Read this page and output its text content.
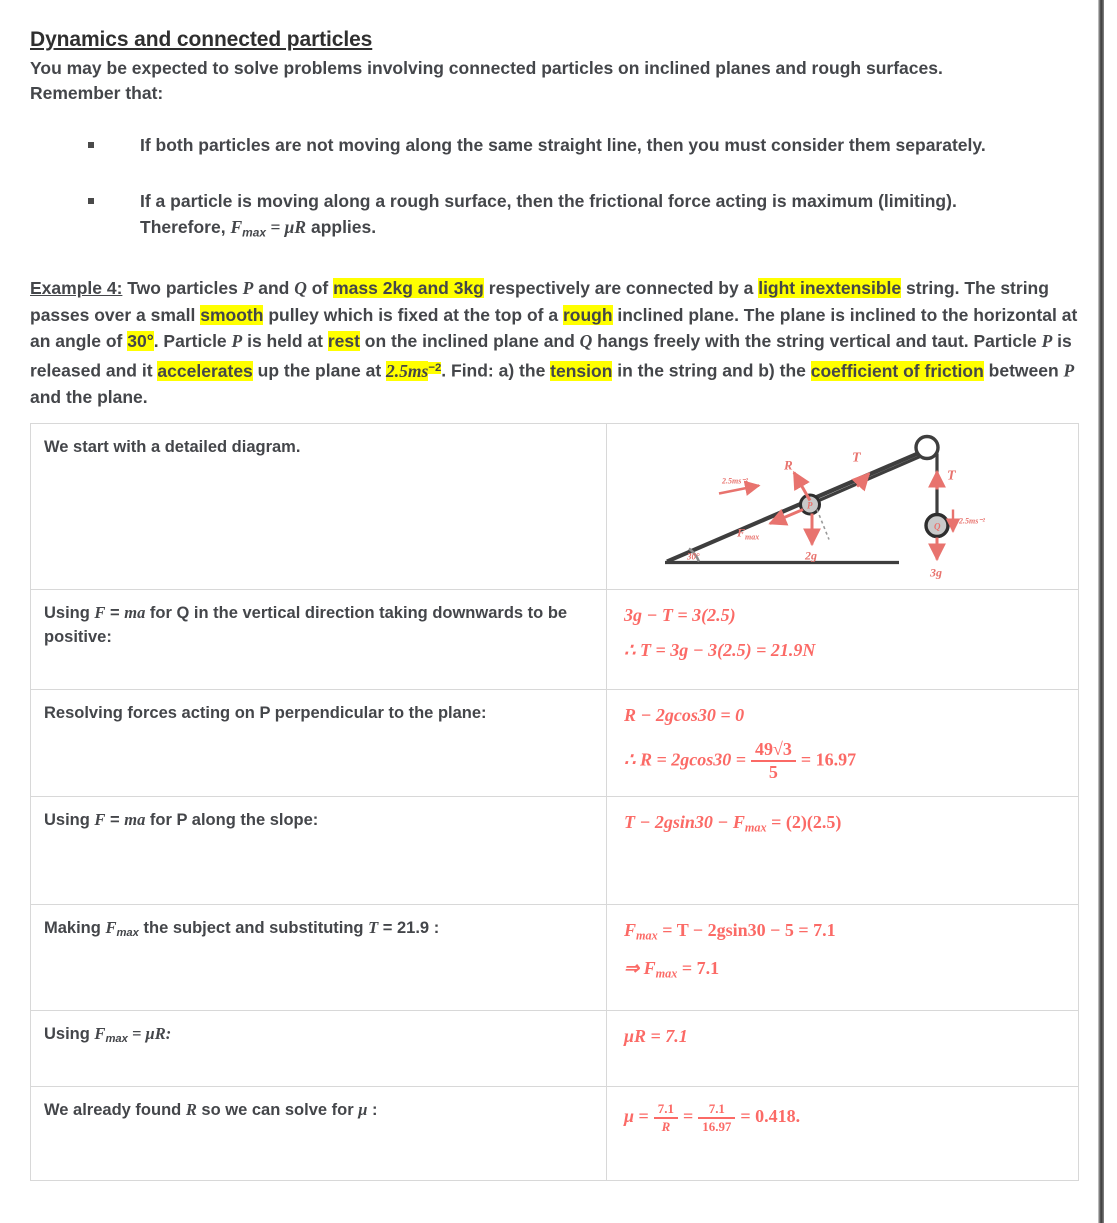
Dynamics and connected particles

You may be expected to solve problems involving connected particles on inclined planes and rough surfaces.
Remember that:

If both particles are not moving along the same straight line, then you must consider them separately.
If a particle is moving along a rough surface, then the frictional force acting is maximum (limiting). Therefore, $F_{max} = \mu R$ applies.
Example 4: Two particles P and Q of mass 2kg and 3kg respectively are connected by a light inextensible string. The string passes over a small smooth pulley which is fixed at the top of a rough inclined plane. The plane is inclined to the horizontal at an angle of 30°. Particle P is held at rest on the inclined plane and Q hangs freely with the string vertical and taut. Particle P is released and it accelerates up the plane at $2.5ms^{-2}$. Find: a) the tension in the string and b) the coefficient of friction between P and the plane.
We start with a detailed diagram.	
30°
P
Q
R
F max
2g
2.5ms⁻²
T
T
3g
2.5ms⁻²

Using F = ma for Q in the vertical direction taking downwards to be positive:	3g − T = 3(2.5)
∴ T = 3g − 3(2.5) = 21.9N

Resolving forces acting on P perpendicular to the plane:	R − 2gcos30 = 0
∴ $R = 2gcos30 = \frac{49√3}{5} = 16.97$

Using F = ma for P along the slope:	$T - 2gsin30 - F_{max} = (2)(2.5)$

Making $F_{max}$ the subject and substituting T = 21.9 :	$F_{max} = T - 2gsin30 - 5 = 7.1$
⇒ $F_{max} = 7.1$

Using $F_{max} = \mu R$:	μR = 7.1

We already found R so we can solve for μ :	$\mu = \frac{7.1}{R} = \frac{7.1}{16.97} = 0.418$.
